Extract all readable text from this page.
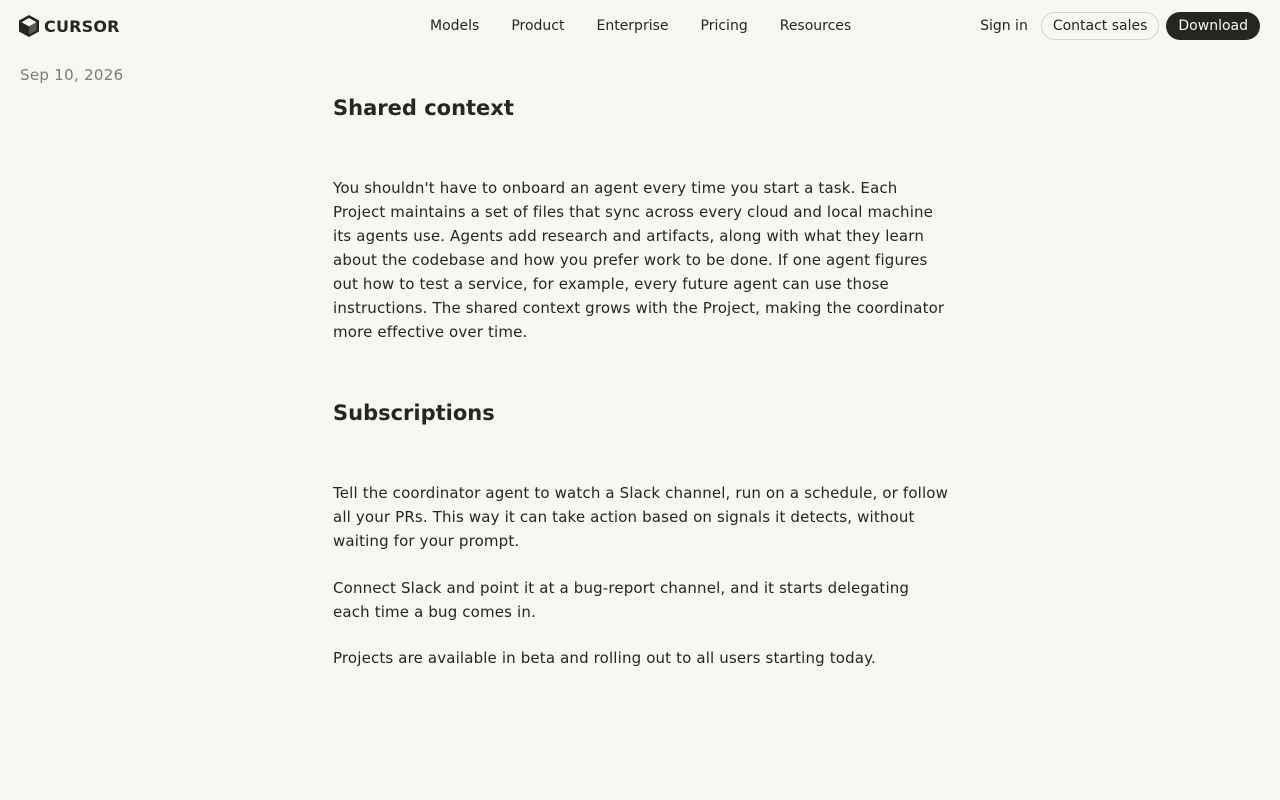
CURSOR	Models	Product	Enterprise	Pricing	Resources	Sign in	Contact sales	Download
Sep 10, 2026
Shared context

You shouldn't have to onboard an agent every time you start a task. Each Project maintains a set of files that sync across every cloud and local machine its agents use. Agents add research and artifacts, along with what they learn about the codebase and how you prefer work to be done. If one agent figures out how to test a service, for example, every future agent can use those instructions. The shared context grows with the Project, making the coordinator more effective over time.

Subscriptions

Tell the coordinator agent to watch a Slack channel, run on a schedule, or follow all your PRs. This way it can take action based on signals it detects, without waiting for your prompt.

Connect Slack and point it at a bug-report channel, and it starts delegating each time a bug comes in.

Projects are available in beta and rolling out to all users starting today.
